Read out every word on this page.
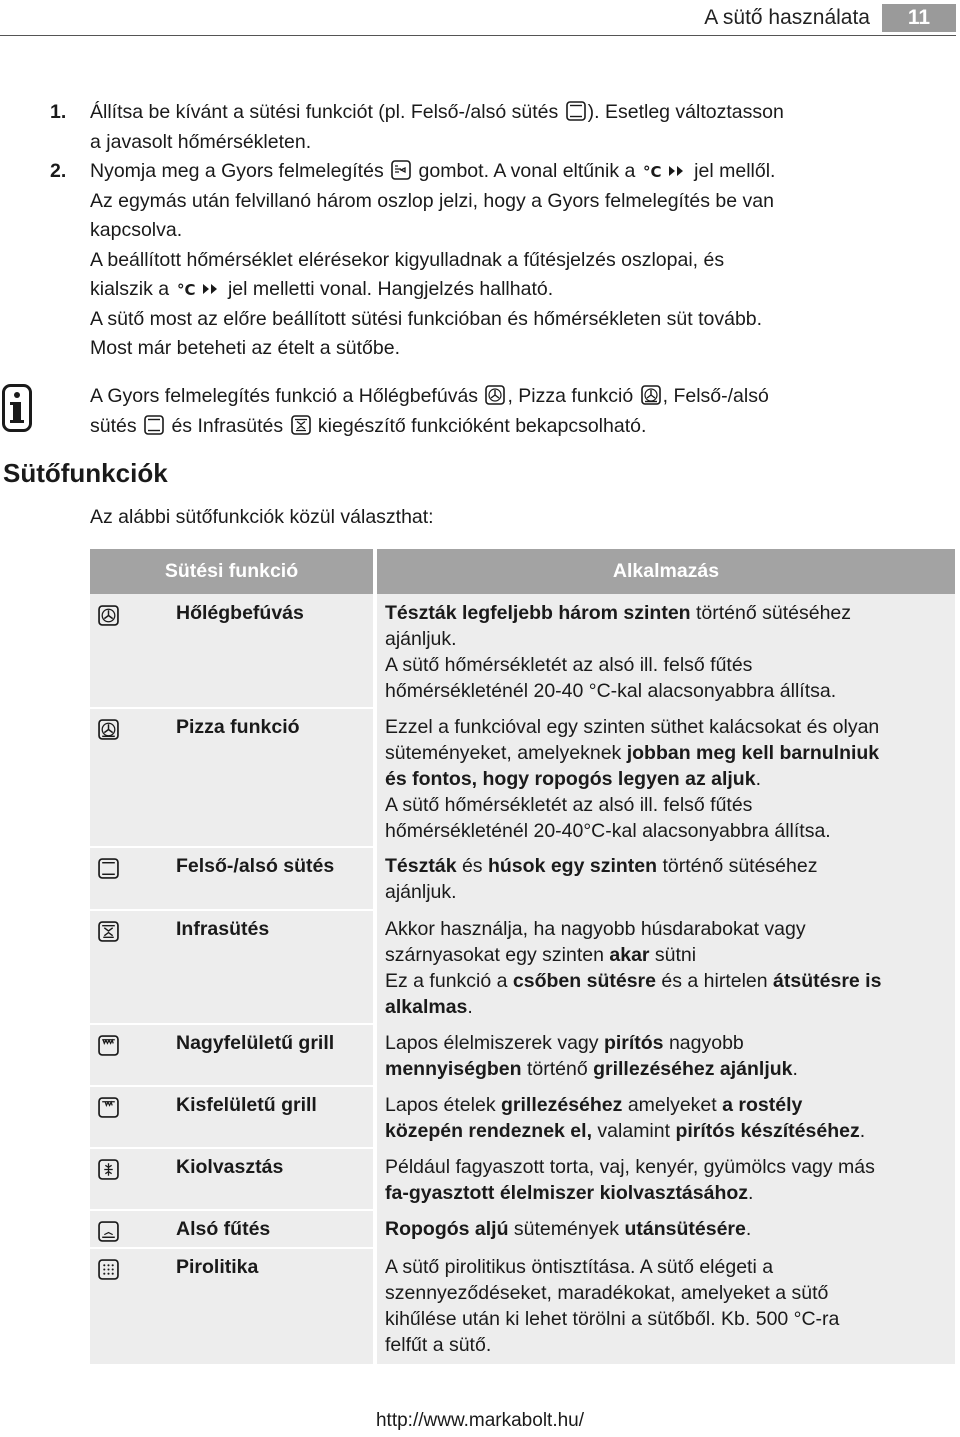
A sütő használata	11
1. Állítsa be kívánt a sütési funkciót (pl. Felső-/alsó sütés ). Esetleg változtasson
a javasolt hőmérsékleten.
2. Nyomja meg a Gyors felmelegítés  gombot. A vonal eltűnik a °C jel mellől.
Az egymás után felvillanó három oszlop jelzi, hogy a Gyors felmelegítés be van
kapcsolva.
A beállított hőmérséklet elérésekor kigyulladnak a fűtésjelzés oszlopai, és
kialszik a °C jel melletti vonal. Hangjelzés hallható.
A sütő most az előre beállított sütési funkcióban és hőmérsékleten süt tovább.
Most már beteheti az ételt a sütőbe.
A Gyors felmelegítés funkció a Hőlégbefúvás , Pizza funkció , Felső-/alsó
sütés  és Infrasütés  kiegészítő funkcióként bekapcsolható.
Sütőfunkciók
Az alábbi sütőfunkciók közül választhat:
Sütési funkció	Alkalmazás
Hőlégbefúvás	Tészták legfeljebb három szinten történő sütéséhez
ajánljuk.
A sütő hőmérsékletét az alsó ill. felső fűtés
hőmérsékleténél 20-40 °C-kal alacsonyabbra állítsa.
Pizza funkció	Ezzel a funkcióval egy szinten süthet kalácsokat és olyan
süteményeket, amelyeknek jobban meg kell barnulniuk
és fontos, hogy ropogós legyen az aljuk.
A sütő hőmérsékletét az alsó ill. felső fűtés
hőmérsékleténél 20-40°C-kal alacsonyabbra állítsa.
Felső-/alsó sütés	Tészták és húsok egy szinten történő sütéséhez
ajánljuk.
Infrasütés	Akkor használja, ha nagyobb húsdarabokat vagy
szárnyasokat egy szinten akar sütni
Ez a funkció a csőben sütésre és a hirtelen átsütésre is
alkalmas.
Nagyfelületű grill	Lapos élelmiszerek vagy pirítós nagyobb
mennyiségben történő grillezéséhez ajánljuk.
Kisfelületű grill	Lapos ételek grillezéséhez amelyeket a rostély
közepén rendeznek el, valamint pirítós készítéséhez.
Kiolvasztás	Például fagyaszott torta, vaj, kenyér, gyümölcs vagy más
fa-gyasztott élelmiszer kiolvasztásához.
Alsó fűtés	Ropogós aljú sütemények utánsütésére.
Pirolitika	A sütő pirolitikus öntisztítása. A sütő elégeti a
szennyeződéseket, maradékokat, amelyeket a sütő
kihűlése után ki lehet törölni a sütőből. Kb. 500 °C-ra
felfűt a sütő.
http://www.markabolt.hu/
